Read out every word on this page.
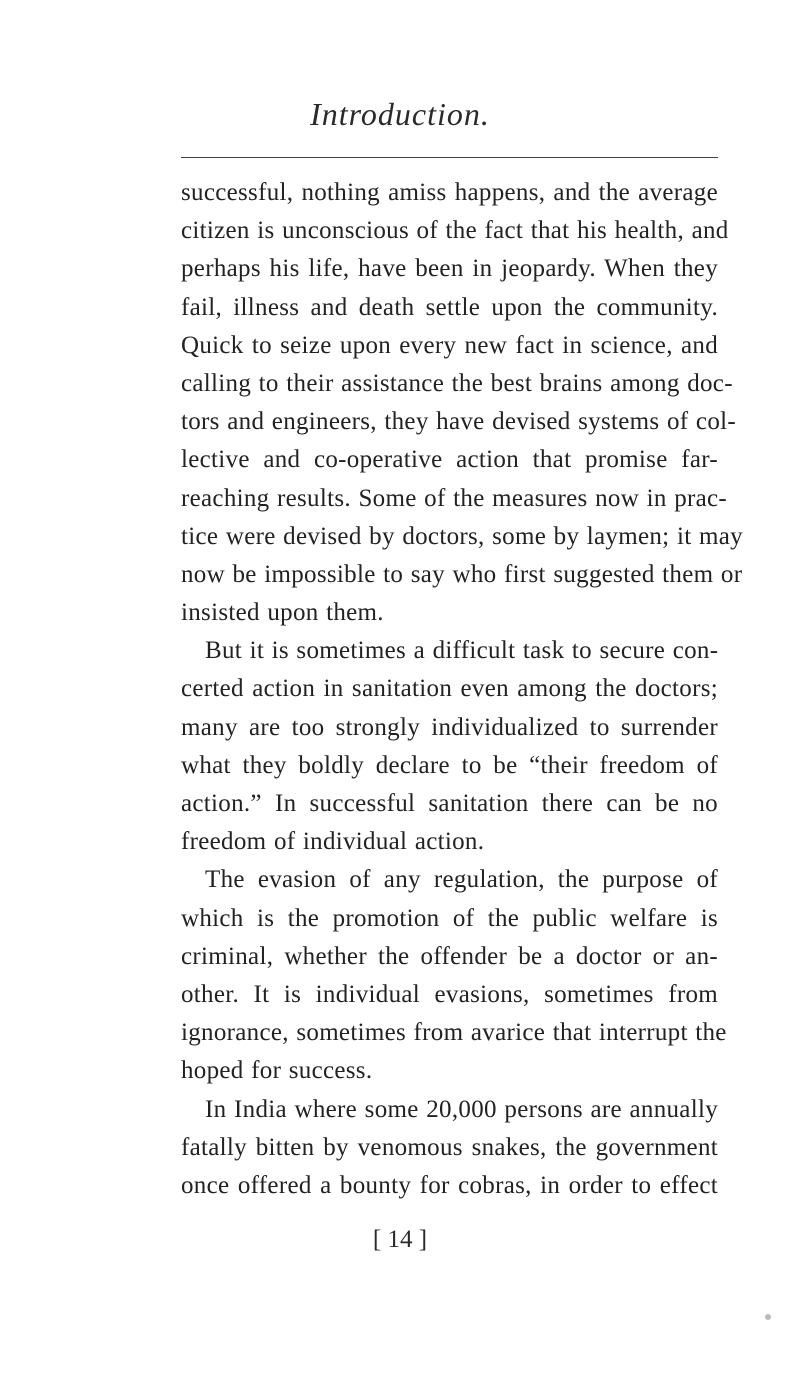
Introduction.
successful, nothing amiss happens, and the average
citizen is unconscious of the fact that his health, and
perhaps his life, have been in jeopardy. When they
fail, illness and death settle upon the community.
Quick to seize upon every new fact in science, and
calling to their assistance the best brains among doc-
tors and engineers, they have devised systems of col-
lective and co-operative action that promise far-
reaching results. Some of the measures now in prac-
tice were devised by doctors, some by laymen; it may
now be impossible to say who first suggested them or
insisted upon them.
But it is sometimes a difficult task to secure con-
certed action in sanitation even among the doctors;
many are too strongly individualized to surrender
what they boldly declare to be “their freedom of
action.” In successful sanitation there can be no
freedom of individual action.
The evasion of any regulation, the purpose of
which is the promotion of the public welfare is
criminal, whether the offender be a doctor or an-
other. It is individual evasions, sometimes from
ignorance, sometimes from avarice that interrupt the
hoped for success.
In India where some 20,000 persons are annually
fatally bitten by venomous snakes, the government
once offered a bounty for cobras, in order to effect
[ 14 ]
